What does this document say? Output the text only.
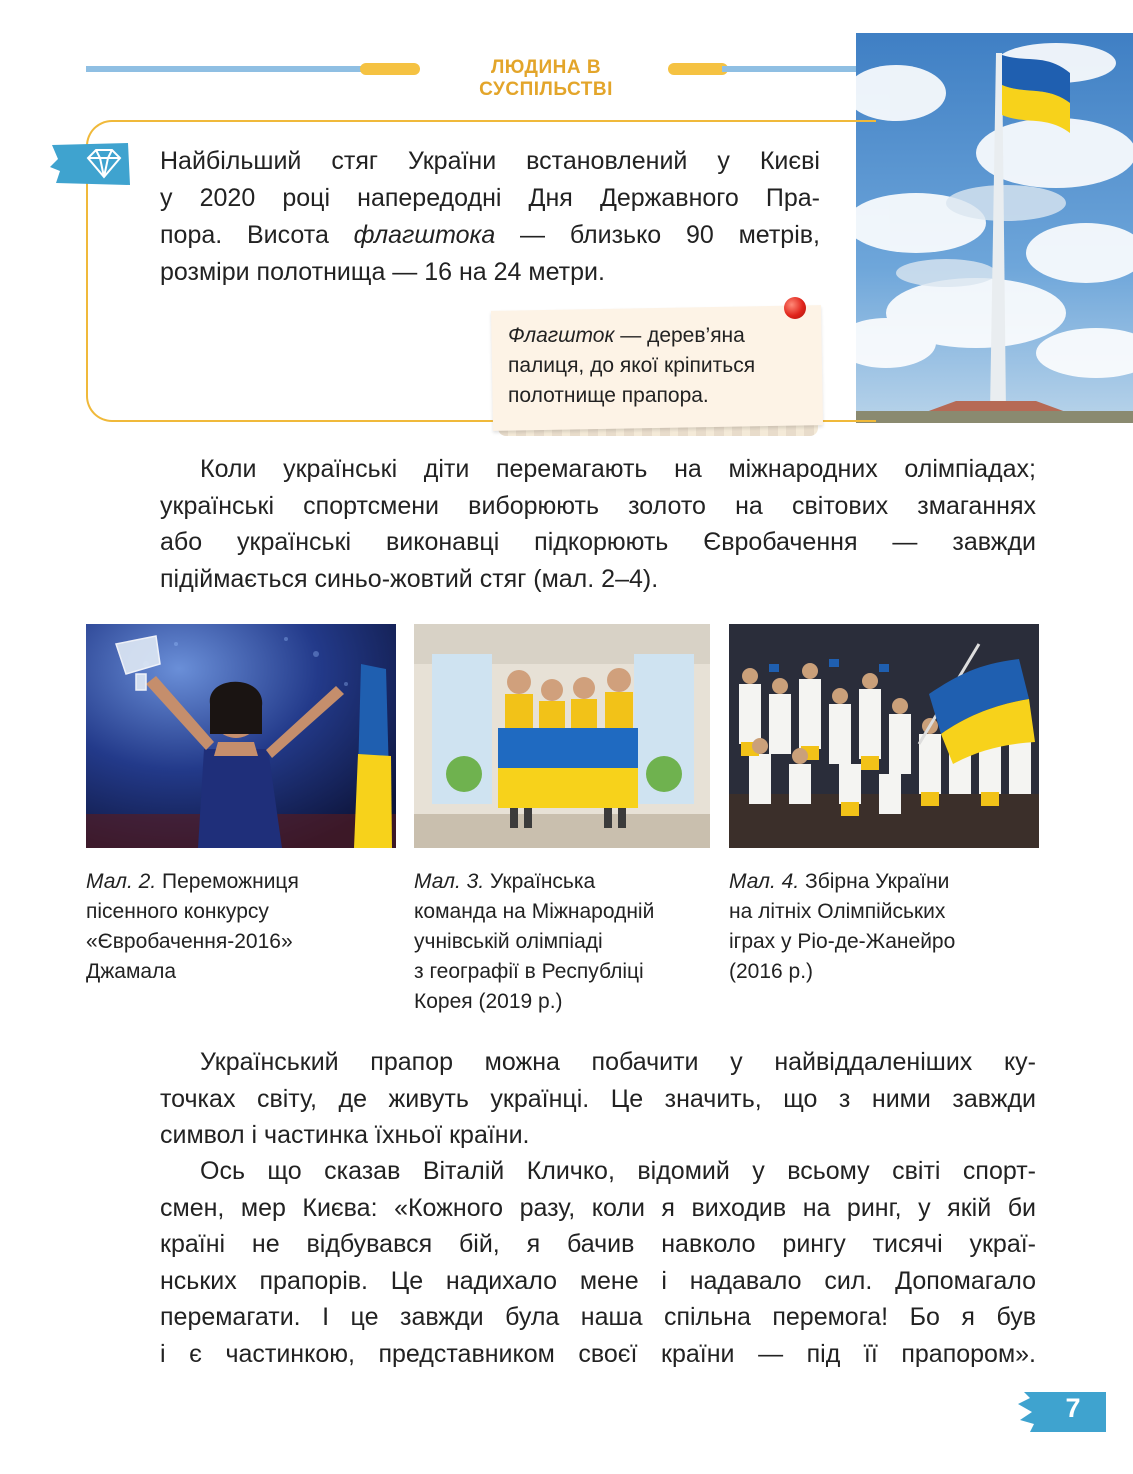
ЛЮДИНА В СУСПІЛЬСТВІ
Найбільший стяг України встановлений у Києві
у 2020 році напередодні Дня Державного Пра-
пора. Висота флагштока — близько 90 метрів,
розміри полотнища — 16 на 24 метри.
Флагшток — дерев’яна
палиця, до якої кріпиться
полотнище прапора.
Коли українські діти перемагають на міжнародних олімпіадах;
українські спортсмени виборюють золото на світових змаганнях
або українські виконавці підкорюють Євробачення — завжди
підіймається синьо-жовтий стяг (мал. 2–4).
Мал. 2. Переможниця
пісенного конкурсу
«Євробачення-2016»
Джамала
Мал. 3. Українська
команда на Міжнародній
учнівській олімпіаді
з географії в Республіці
Корея (2019 р.)
Мал. 4. Збірна України
на літніх Олімпійських
іграх у Ріо-де-Жанейро
(2016 р.)
Український прапор можна побачити у найвіддаленіших ку-
точках світу, де живуть українці. Це значить, що з ними завжди
символ і частинка їхньої країни.
Ось що сказав Віталій Кличко, відомий у всьому світі спорт-
смен, мер Києва: «Кожного разу, коли я виходив на ринг, у якій би
країні не відбувався бій, я бачив навколо рингу тисячі украї-
нських прапорів. Це надихало мене і надавало сил. Допомагало
перемагати. І це завжди була наша спільна перемога! Бо я був
і є частинкою, представником своєї країни — під її прапором».
7
